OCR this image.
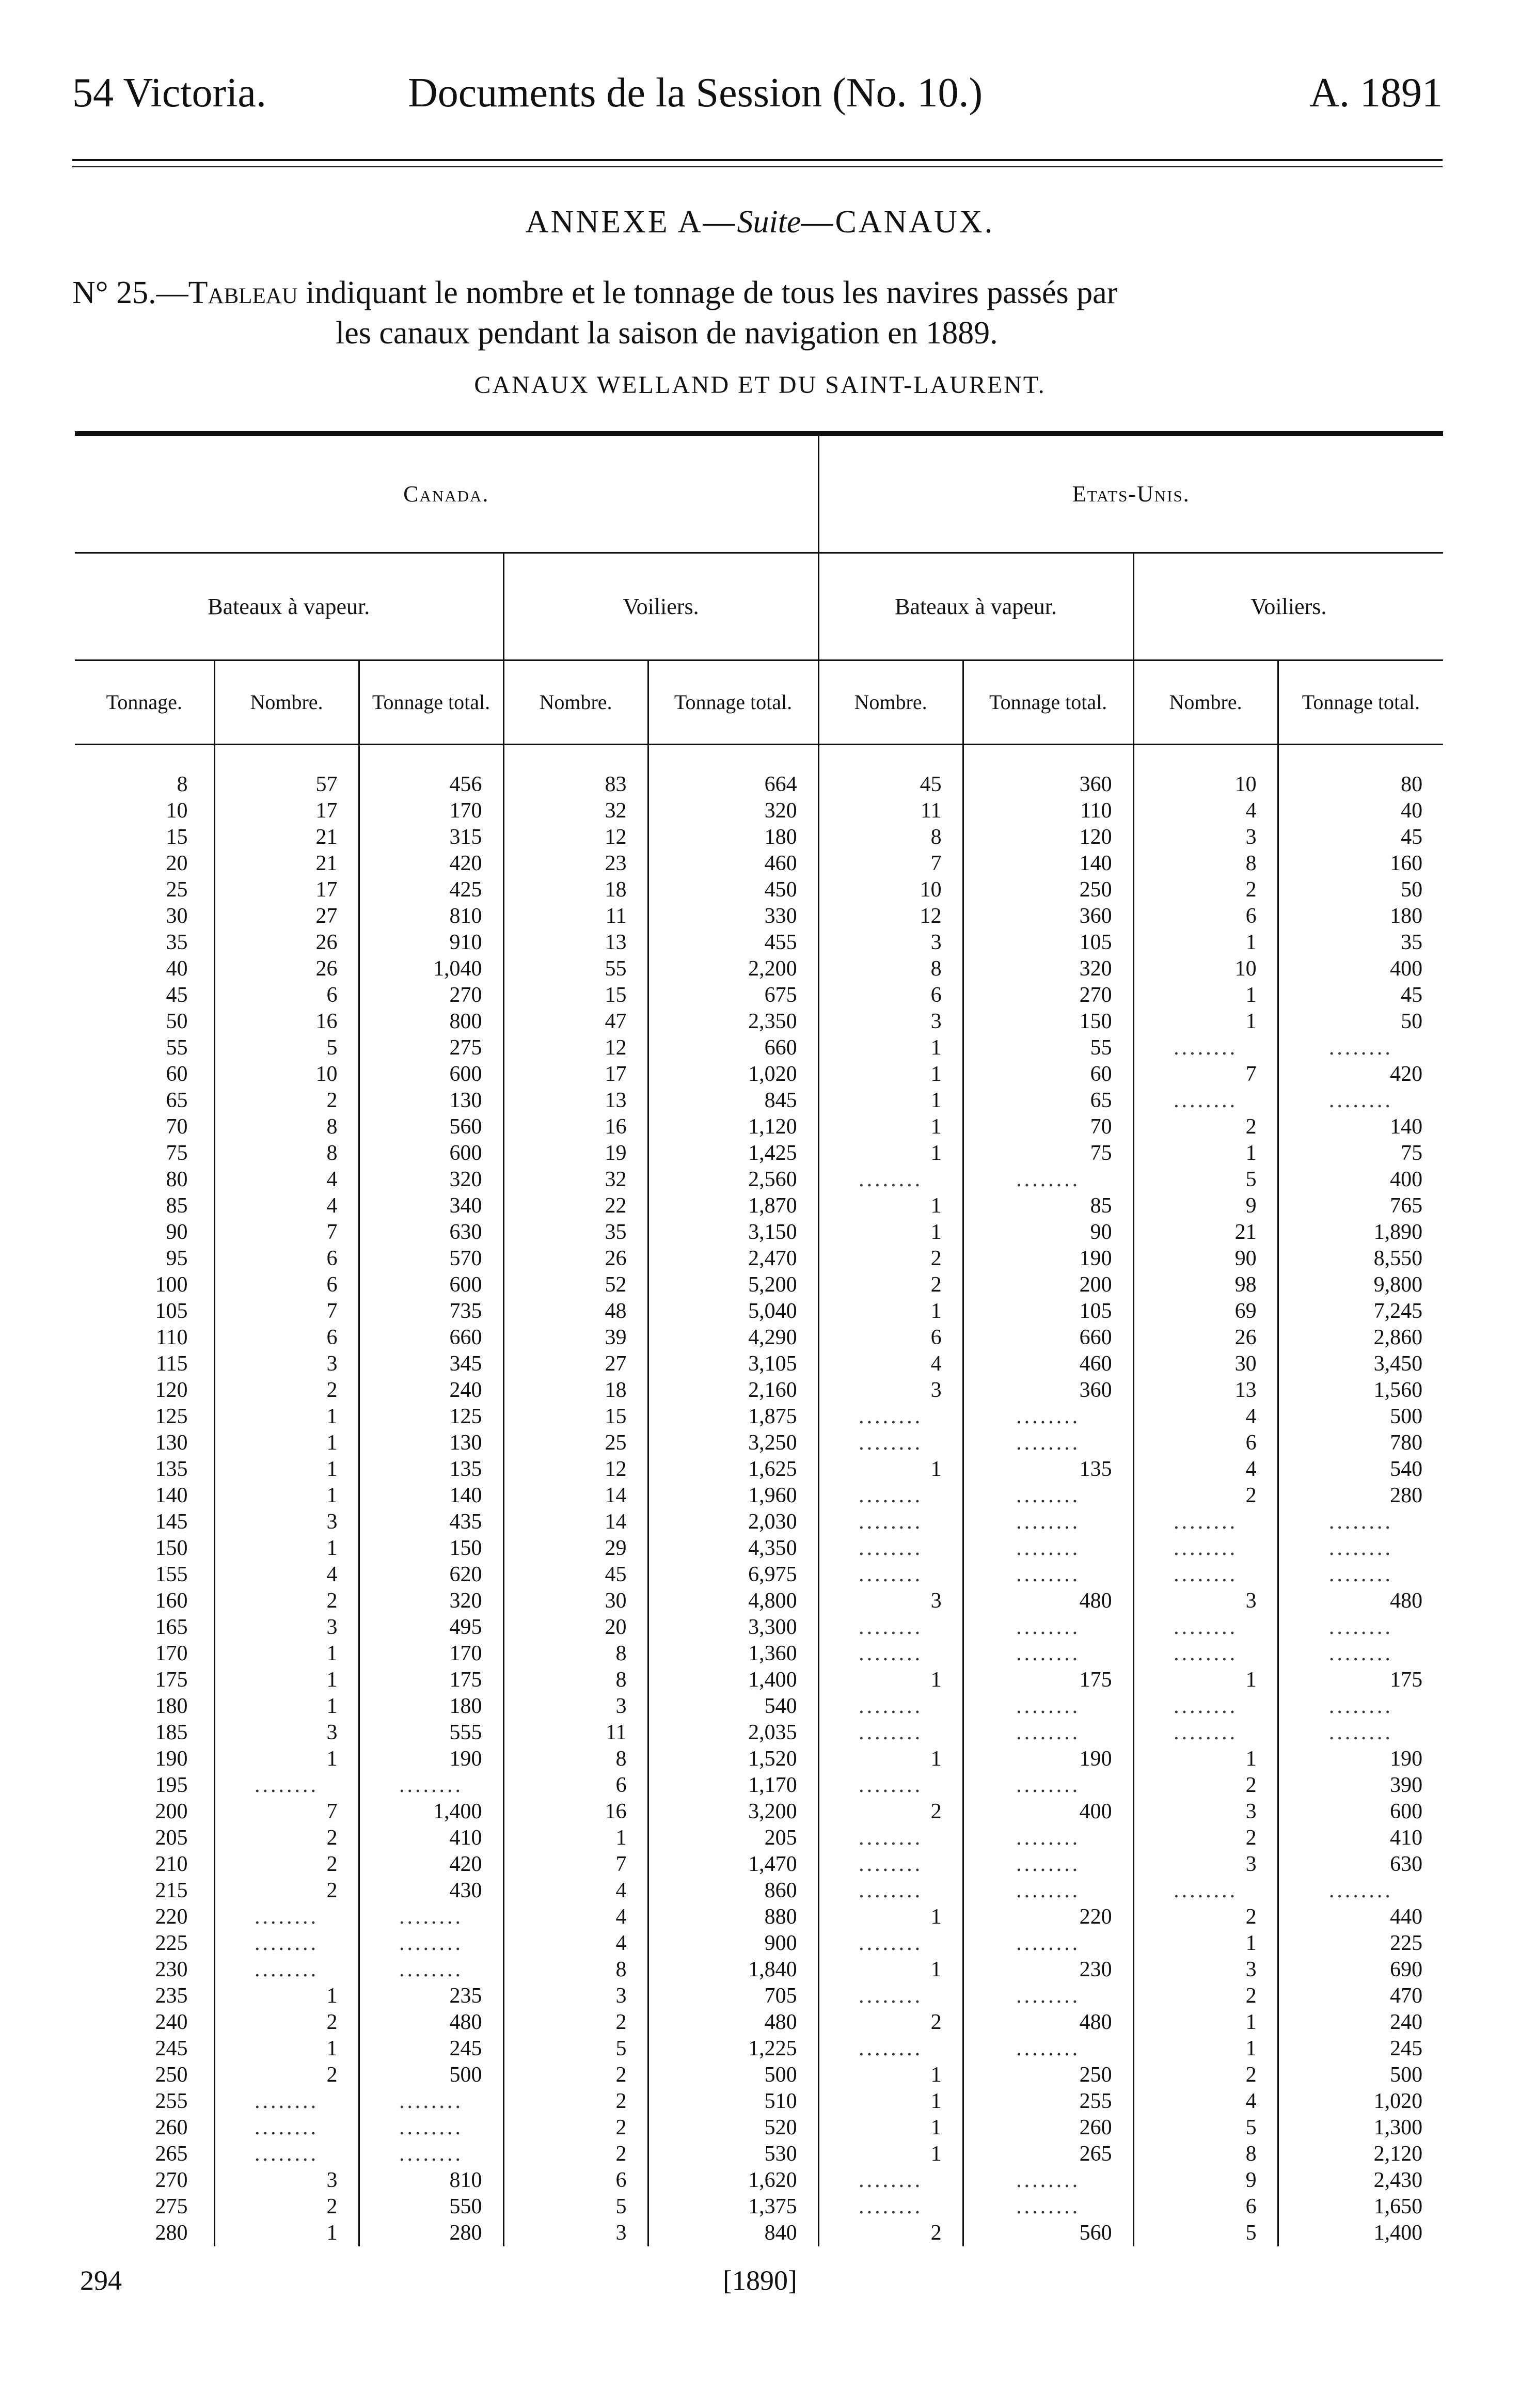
54 Victoria.	Documents de la Session (No. 10.)	A. 1891
ANNEXE A—Suite—CANAUX.
N° 25.—Tableau indiquant le nombre et le tonnage de tous les navires passés par
les canaux pendant la saison de navigation en 1889.
CANAUX WELLAND ET DU SAINT-LAURENT.
Canada.					Etats-Unis.			
Bateaux à vapeur.			Voiliers.		Bateaux à vapeur.		Voiliers.	
Tonnage.	Nombre.	Tonnage total.	Nombre.	Tonnage total.	Nombre.	Tonnage total.	Nombre.	Tonnage total.

8	57	456	83	664	45	360	10	80
10	17	170	32	320	11	110	4	40
15	21	315	12	180	8	120	3	45
20	21	420	23	460	7	140	8	160
25	17	425	18	450	10	250	2	50
30	27	810	11	330	12	360	6	180
35	26	910	13	455	3	105	1	35
40	26	1,040	55	2,200	8	320	10	400
45	6	270	15	675	6	270	1	45
50	16	800	47	2,350	3	150	1	50
55	5	275	12	660	1	55	........	........
60	10	600	17	1,020	1	60	7	420
65	2	130	13	845	1	65	........	........
70	8	560	16	1,120	1	70	2	140
75	8	600	19	1,425	1	75	1	75
80	4	320	32	2,560	........	........	5	400
85	4	340	22	1,870	1	85	9	765
90	7	630	35	3,150	1	90	21	1,890
95	6	570	26	2,470	2	190	90	8,550
100	6	600	52	5,200	2	200	98	9,800
105	7	735	48	5,040	1	105	69	7,245
110	6	660	39	4,290	6	660	26	2,860
115	3	345	27	3,105	4	460	30	3,450
120	2	240	18	2,160	3	360	13	1,560
125	1	125	15	1,875	........	........	4	500
130	1	130	25	3,250	........	........	6	780
135	1	135	12	1,625	1	135	4	540
140	1	140	14	1,960	........	........	2	280
145	3	435	14	2,030	........	........	........	........
150	1	150	29	4,350	........	........	........	........
155	4	620	45	6,975	........	........	........	........
160	2	320	30	4,800	3	480	3	480
165	3	495	20	3,300	........	........	........	........
170	1	170	8	1,360	........	........	........	........
175	1	175	8	1,400	1	175	1	175
180	1	180	3	540	........	........	........	........
185	3	555	11	2,035	........	........	........	........
190	1	190	8	1,520	1	190	1	190
195	........	........	6	1,170	........	........	2	390
200	7	1,400	16	3,200	2	400	3	600
205	2	410	1	205	........	........	2	410
210	2	420	7	1,470	........	........	3	630
215	2	430	4	860	........	........	........	........
220	........	........	4	880	1	220	2	440
225	........	........	4	900	........	........	1	225
230	........	........	8	1,840	1	230	3	690
235	1	235	3	705	........	........	2	470
240	2	480	2	480	2	480	1	240
245	1	245	5	1,225	........	........	1	245
250	2	500	2	500	1	250	2	500
255	........	........	2	510	1	255	4	1,020
260	........	........	2	520	1	260	5	1,300
265	........	........	2	530	1	265	8	2,120
270	3	810	6	1,620	........	........	9	2,430
275	2	550	5	1,375	........	........	6	1,650
280	1	280	3	840	2	560	5	1,400
294	[1890]
